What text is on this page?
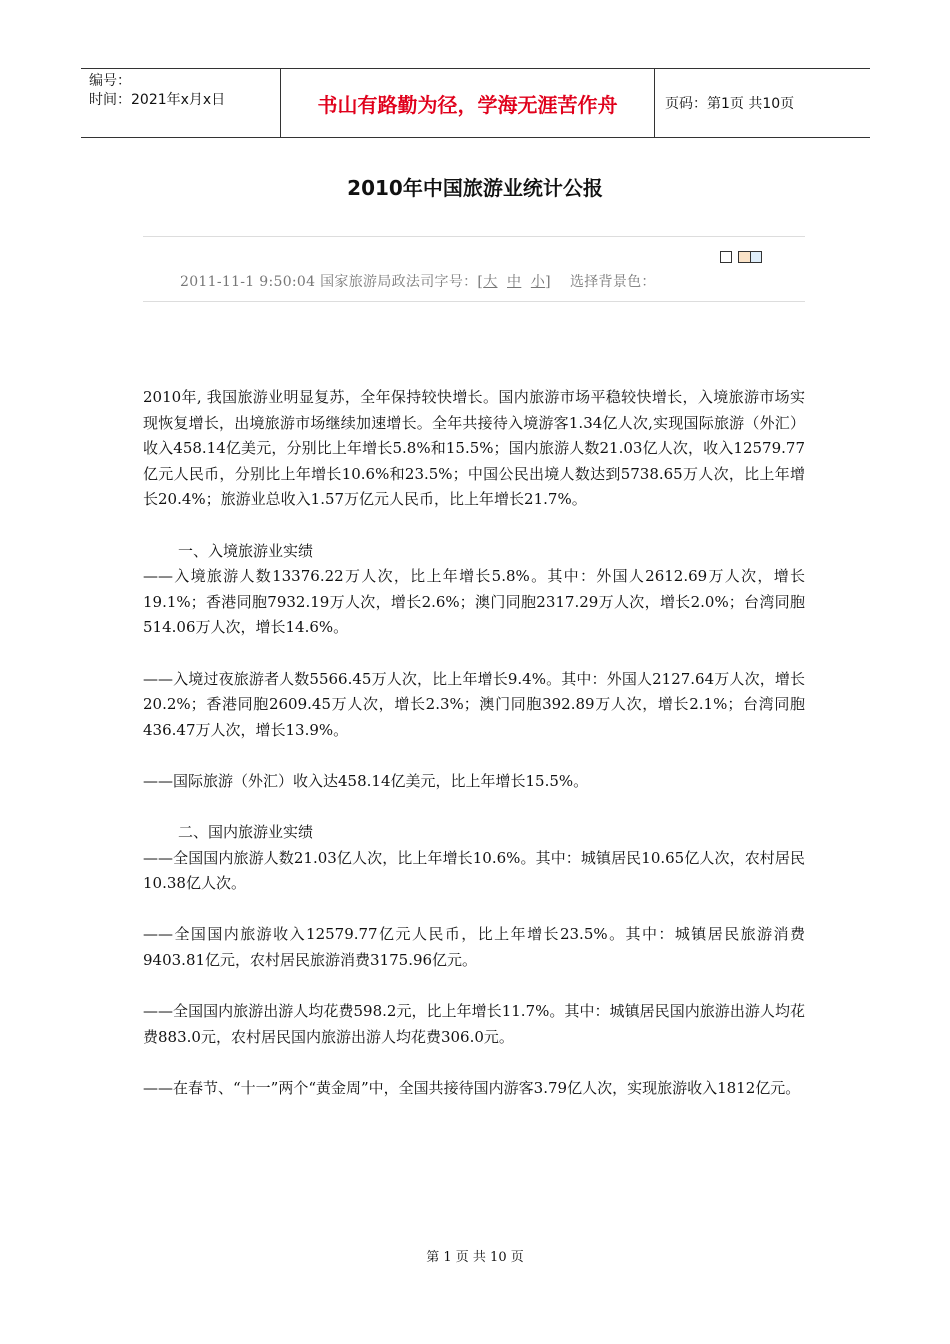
编号：
时间：2021年x月x日	书山有路勤为径，学海无涯苦作舟	页码：第1页 共10页
2010年中国旅游业统计公报
2011-11-1 9:50:04 国家旅游局政法司字号：[大 中 小] 选择背景色：

2010年, 我国旅游业明显复苏，全年保持较快增长。国内旅游市场平稳较快增长，入境旅游市场实现恢复增长，出境旅游市场继续加速增长。全年共接待入境游客1.34亿人次,实现国际旅游（外汇）收入458.14亿美元，分别比上年增长5.8%和15.5%；国内旅游人数21.03亿人次，收入12579.77亿元人民币，分别比上年增长10.6%和23.5%；中国公民出境人数达到5738.65万人次，比上年增长20.4%；旅游业总收入1.57万亿元人民币，比上年增长21.7%。

一、入境旅游业实绩

——入境旅游人数13376.22万人次，比上年增长5.8%。其中：外国人2612.69万人次，增长19.1%；香港同胞7932.19万人次，增长2.6%；澳门同胞2317.29万人次，增长2.0%；台湾同胞514.06万人次，增长14.6%。

——入境过夜旅游者人数5566.45万人次，比上年增长9.4%。其中：外国人2127.64万人次，增长20.2%；香港同胞2609.45万人次，增长2.3%；澳门同胞392.89万人次，增长2.1%；台湾同胞436.47万人次，增长13.9%。

——国际旅游（外汇）收入达458.14亿美元，比上年增长15.5%。

二、国内旅游业实绩

——全国国内旅游人数21.03亿人次，比上年增长10.6%。其中：城镇居民10.65亿人次，农村居民10.38亿人次。

——全国国内旅游收入12579.77亿元人民币，比上年增长23.5%。其中：城镇居民旅游消费9403.81亿元，农村居民旅游消费3175.96亿元。

——全国国内旅游出游人均花费598.2元，比上年增长11.7%。其中：城镇居民国内旅游出游人均花费883.0元，农村居民国内旅游出游人均花费306.0元。

——在春节、“十一”两个“黄金周”中，全国共接待国内游客3.79亿人次，实现旅游收入1812亿元。

第 1 页 共 10 页
